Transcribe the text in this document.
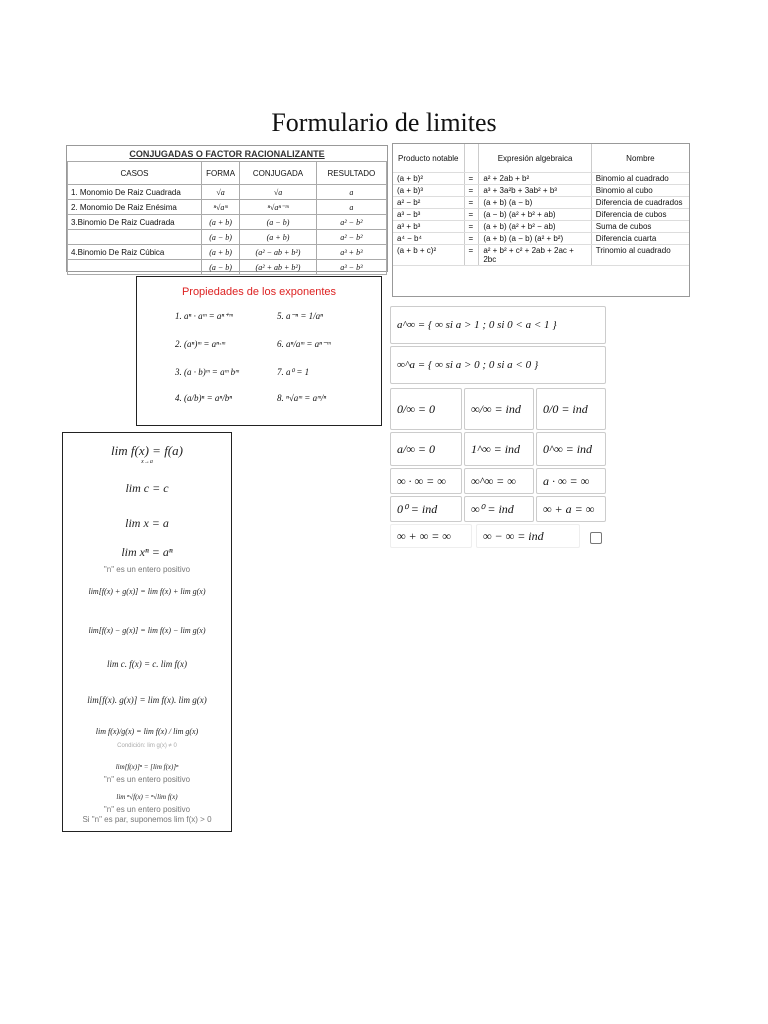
Formulario de limites
CONJUGADAS O FACTOR RACIONALIZANTE
CASOS	FORMA	CONJUGADA	RESULTADO
1. Monomio De Raiz Cuadrada	√a	√a	a
2. Monomio De Raiz Enésima	ⁿ√aᵐ	ⁿ√aⁿ⁻ᵐ	a
3.Binomio De Raiz Cuadrada	(a + b)	(a − b)	a² − b²
	(a − b)	(a + b)	a² − b²
4.Binomio De Raiz Cúbica	(a + b)	(a² − ab + b²)	a³ + b³
	(a − b)	(a² + ab + b²)	a³ − b³
Producto notable		Expresión algebraica	Nombre
(a + b)²	=	a² + 2ab + b²	Binomio al cuadrado
(a + b)³	=	a³ + 3a²b + 3ab² + b³	Binomio al cubo
a² − b²	=	(a + b) (a − b)	Diferencia de cuadrados
a³ − b³	=	(a − b) (a² + b² + ab)	Diferencia de cubos
a³ + b³	=	(a + b) (a² + b² − ab)	Suma de cubos
a⁴ − b⁴	=	(a + b) (a − b) (a² + b²)	Diferencia cuarta
(a + b + c)²	=	a² + b² + c² + 2ab + 2ac + 2bc	Trinomio al cuadrado
Propiedades de los exponentes
1. aⁿ · aᵐ = aⁿ⁺ᵐ	5. a⁻ⁿ = 1/aⁿ
2. (aⁿ)ᵐ = aⁿ·ᵐ	6. aⁿ/aᵐ = aⁿ⁻ᵐ
3. (a · b)ᵐ = aᵐ bᵐ	7. a⁰ = 1
4. (a/b)ⁿ = aⁿ/bⁿ	8. ⁿ√aᵐ = aᵐ/ⁿ
a^∞ = { ∞ si a > 1 ; 0 si 0 < a < 1 }
∞^a = { ∞ si a > 0 ; 0 si a < 0 }
0/∞ = 0	∞/∞ = ind	0/0 = ind
a/∞ = 0	1^∞ = ind	0^∞ = ind
∞ · ∞ = ∞	∞^∞ = ∞	a · ∞ = ∞
0⁰ = ind	∞⁰ = ind	∞ + a = ∞
∞ + ∞ = ∞	∞ − ∞ = ind
lim f(x) = f(a)
x→a
lim c = c
lim x = a
lim xⁿ = aⁿ
"n" es un entero positivo
lim[f(x) + g(x)] = lim f(x) + lim g(x)
lim[f(x) − g(x)] = lim f(x) − lim g(x)
lim c. f(x) = c. lim f(x)
lim[f(x). g(x)] = lim f(x). lim g(x)
lim f(x)/g(x) = lim f(x) / lim g(x)
Condición: lim g(x) ≠ 0
lim[f(x)]ⁿ = [lim f(x)]ⁿ
"n" es un entero positivo
lim ⁿ√f(x) = ⁿ√lim f(x)
"n" es un entero positivo
Si "n" es par, suponemos lim f(x) > 0
